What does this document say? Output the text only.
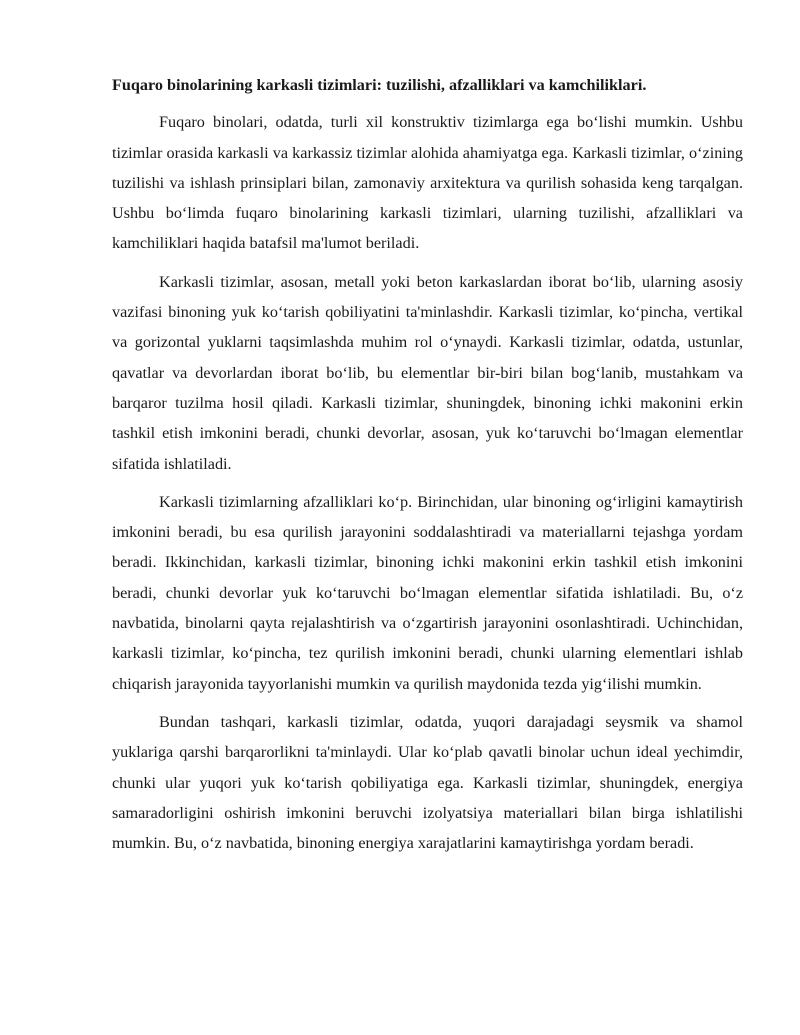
Fuqaro binolarining karkasli tizimlari: tuzilishi, afzalliklari va kamchiliklari.

Fuqaro binolari, odatda, turli xil konstruktiv tizimlarga ega bo‘lishi mumkin. Ushbu tizimlar orasida karkasli va karkassiz tizimlar alohida ahamiyatga ega. Karkasli tizimlar, o‘zining tuzilishi va ishlash prinsiplari bilan, zamonaviy arxitektura va qurilish sohasida keng tarqalgan. Ushbu bo‘limda fuqaro binolarining karkasli tizimlari, ularning tuzilishi, afzalliklari va kamchiliklari haqida batafsil ma'lumot beriladi.

Karkasli tizimlar, asosan, metall yoki beton karkaslardan iborat bo‘lib, ularning asosiy vazifasi binoning yuk ko‘tarish qobiliyatini ta'minlashdir. Karkasli tizimlar, ko‘pincha, vertikal va gorizontal yuklarni taqsimlashda muhim rol o‘ynaydi. Karkasli tizimlar, odatda, ustunlar, qavatlar va devorlardan iborat bo‘lib, bu elementlar bir-biri bilan bog‘lanib, mustahkam va barqaror tuzilma hosil qiladi. Karkasli tizimlar, shuningdek, binoning ichki makonini erkin tashkil etish imkonini beradi, chunki devorlar, asosan, yuk ko‘taruvchi bo‘lmagan elementlar sifatida ishlatiladi.

Karkasli tizimlarning afzalliklari ko‘p. Birinchidan, ular binoning og‘irligini kamaytirish imkonini beradi, bu esa qurilish jarayonini soddalashtiradi va materiallarni tejashga yordam beradi. Ikkinchidan, karkasli tizimlar, binoning ichki makonini erkin tashkil etish imkonini beradi, chunki devorlar yuk ko‘taruvchi bo‘lmagan elementlar sifatida ishlatiladi. Bu, o‘z navbatida, binolarni qayta rejalashtirish va o‘zgartirish jarayonini osonlashtiradi. Uchinchidan, karkasli tizimlar, ko‘pincha, tez qurilish imkonini beradi, chunki ularning elementlari ishlab chiqarish jarayonida tayyorlanishi mumkin va qurilish maydonida tezda yig‘ilishi mumkin.

Bundan tashqari, karkasli tizimlar, odatda, yuqori darajadagi seysmik va shamol yuklariga qarshi barqarorlikni ta'minlaydi. Ular ko‘plab qavatli binolar uchun ideal yechimdir, chunki ular yuqori yuk ko‘tarish qobiliyatiga ega. Karkasli tizimlar, shuningdek, energiya samaradorligini oshirish imkonini beruvchi izolyatsiya materiallari bilan birga ishlatilishi mumkin. Bu, o‘z navbatida, binoning energiya xarajatlarini kamaytirishga yordam beradi.
